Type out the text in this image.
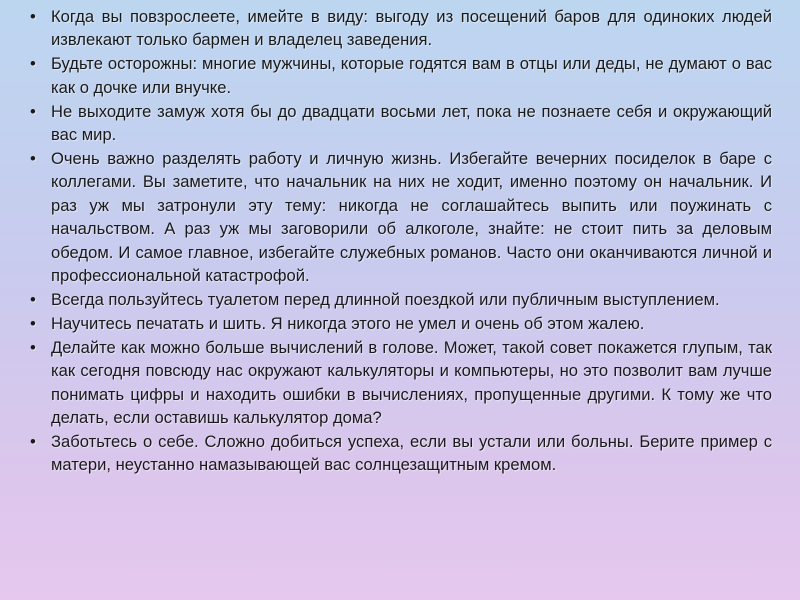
• Когда вы повзрослеете, имейте в виду: выгоду из посещений баров для одиноких людей извлекают только бармен и владелец заведения.
• Будьте осторожны: многие мужчины, которые годятся вам в отцы или деды, не думают о вас как о дочке или внучке.
• Не выходите замуж хотя бы до двадцати восьми лет, пока не познаете себя и окружающий вас мир.
• Очень важно разделять работу и личную жизнь. Избегайте вечерних посиделок в баре с коллегами. Вы заметите, что начальник на них не ходит, именно поэтому он начальник. И раз уж мы затронули эту тему: никогда не соглашайтесь выпить или поужинать с начальством. А раз уж мы заговорили об алкоголе, знайте: не стоит пить за деловым обедом. И самое главное, избегайте служебных романов. Часто они оканчиваются личной и профессиональной катастрофой.
• Всегда пользуйтесь туалетом перед длинной поездкой или публичным выступлением.
• Научитесь печатать и шить. Я никогда этого не умел и очень об этом жалею.
• Делайте как можно больше вычислений в голове. Может, такой совет покажется глупым, так как сегодня повсюду нас окружают калькуляторы и компьютеры, но это позволит вам лучше понимать цифры и находить ошибки в вычислениях, пропущенные другими. К тому же что делать, если оставишь калькулятор дома?
• Заботьтесь о себе. Сложно добиться успеха, если вы устали или больны. Берите пример с матери, неустанно намазывающей вас солнцезащитным кремом.
